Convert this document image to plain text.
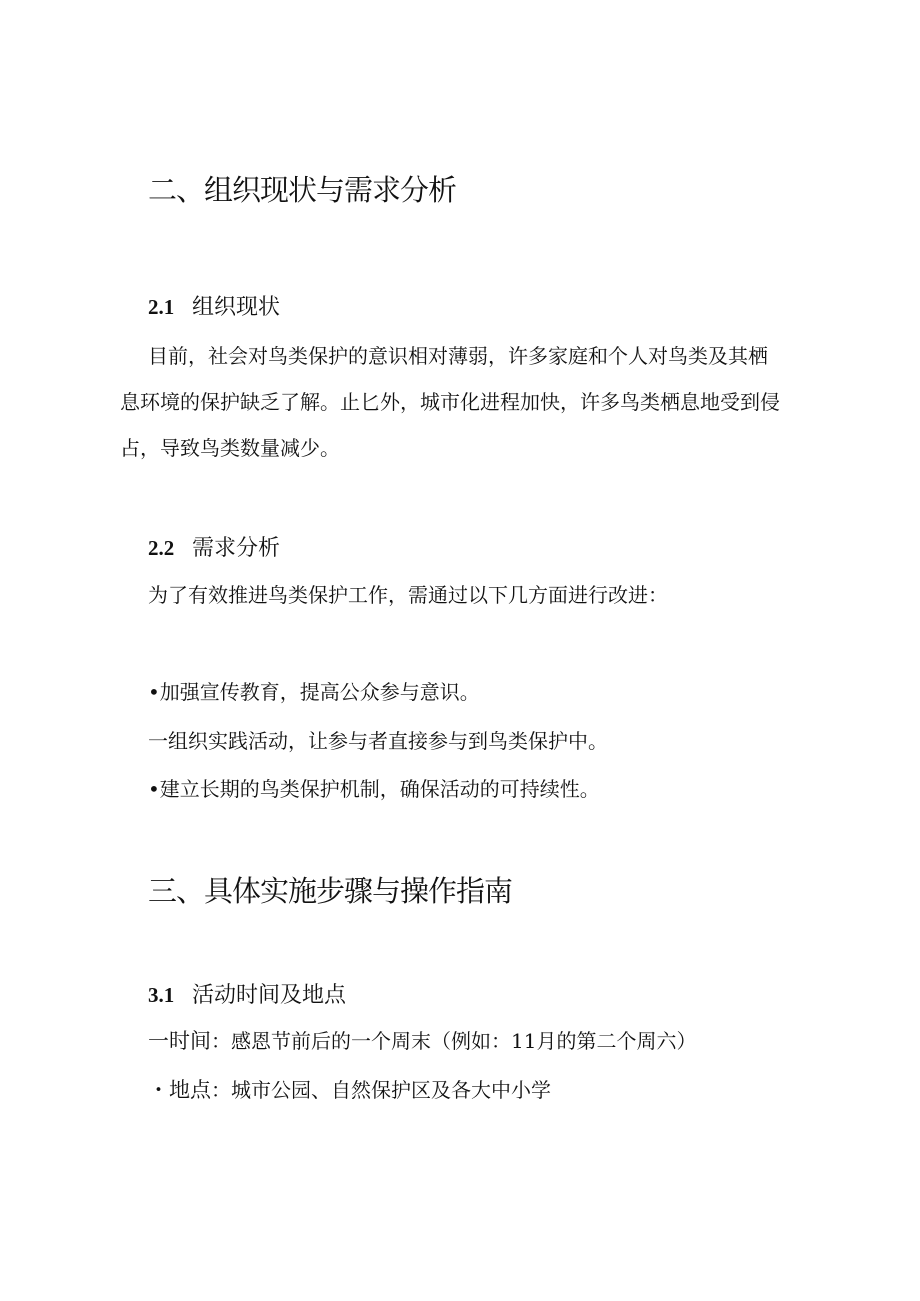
二、组织现状与需求分析
2.1 组织现状
目前，社会对鸟类保护的意识相对薄弱，许多家庭和个人对鸟类及其栖
息环境的保护缺乏了解。止匕外，城市化进程加快，许多鸟类栖息地受到侵
占，导致鸟类数量减少。
2.2 需求分析
为了有效推进鸟类保护工作，需通过以下几方面进行改进：
•加强宣传教育，提高公众参与意识。
一组织实践活动，让参与者直接参与到鸟类保护中。
•建立长期的鸟类保护机制，确保活动的可持续性。
三、具体实施步骤与操作指南
3.1 活动时间及地点
一时间：感恩节前后的一个周末（例如：11月的第二个周六）
・地点：城市公园、自然保护区及各大中小学
